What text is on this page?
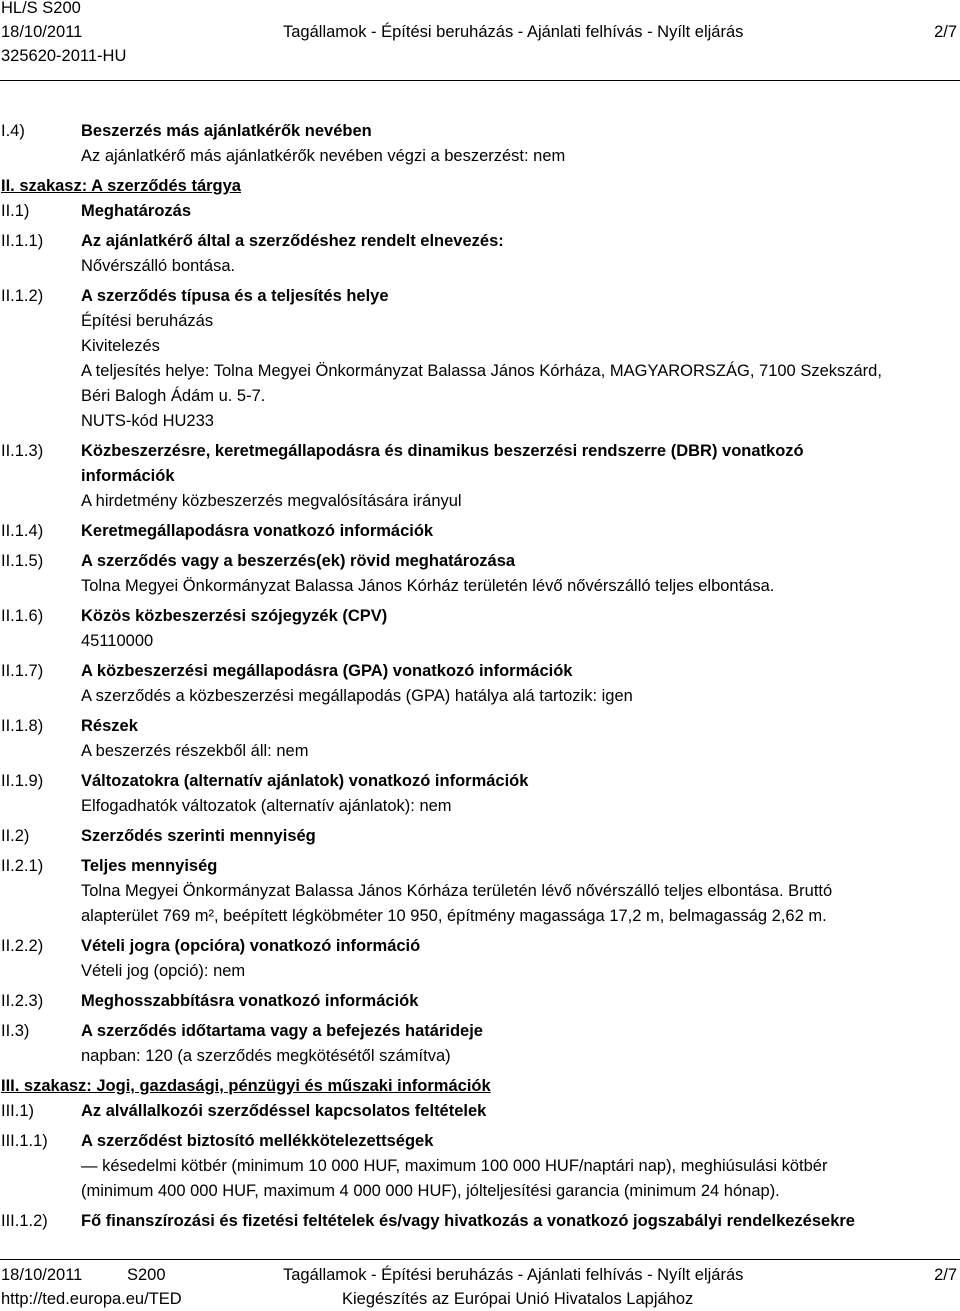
HL/S S200
18/10/2011	Tagállamok - Építési beruházás - Ajánlati felhívás - Nyílt eljárás	2/7
325620-2011-HU
I.4)	Beszerzés más ajánlatkérők nevében
Az ajánlatkérő más ajánlatkérők nevében végzi a beszerzést: nem
II. szakasz: A szerződés tárgya
II.1)	Meghatározás
II.1.1)	Az ajánlatkérő által a szerződéshez rendelt elnevezés:
Nővérszálló bontása.
II.1.2)	A szerződés típusa és a teljesítés helye
Építési beruházás
Kivitelezés
A teljesítés helye: Tolna Megyei Önkormányzat Balassa János Kórháza, MAGYARORSZÁG, 7100 Szekszárd,
Béri Balogh Ádám u. 5-7.
NUTS-kód HU233
II.1.3)	Közbeszerzésre, keretmegállapodásra és dinamikus beszerzési rendszerre (DBR) vonatkozó
információk
A hirdetmény közbeszerzés megvalósítására irányul
II.1.4)	Keretmegállapodásra vonatkozó információk
II.1.5)	A szerződés vagy a beszerzés(ek) rövid meghatározása
Tolna Megyei Önkormányzat Balassa János Kórház területén lévő nővérszálló teljes elbontása.
II.1.6)	Közös közbeszerzési szójegyzék (CPV)
45110000
II.1.7)	A közbeszerzési megállapodásra (GPA) vonatkozó információk
A szerződés a közbeszerzési megállapodás (GPA) hatálya alá tartozik: igen
II.1.8)	Részek
A beszerzés részekből áll: nem
II.1.9)	Változatokra (alternatív ajánlatok) vonatkozó információk
Elfogadhatók változatok (alternatív ajánlatok): nem
II.2)	Szerződés szerinti mennyiség
II.2.1)	Teljes mennyiség
Tolna Megyei Önkormányzat Balassa János Kórháza területén lévő nővérszálló teljes elbontása. Bruttó
alapterület 769 m², beépített légköbméter 10 950, építmény magassága 17,2 m, belmagasság 2,62 m.
II.2.2)	Vételi jogra (opcióra) vonatkozó információ
Vételi jog (opció): nem
II.2.3)	Meghosszabbításra vonatkozó információk
II.3)	A szerződés időtartama vagy a befejezés határideje
napban: 120 (a szerződés megkötésétől számítva)
III. szakasz: Jogi, gazdasági, pénzügyi és műszaki információk
III.1)	Az alvállalkozói szerződéssel kapcsolatos feltételek
III.1.1)	A szerződést biztosító mellékkötelezettségek
— késedelmi kötbér (minimum 10 000 HUF, maximum 100 000 HUF/naptári nap), meghiúsulási kötbér
(minimum 400 000 HUF, maximum 4 000 000 HUF), jólteljesítési garancia (minimum 24 hónap).
III.1.2)	Fő finanszírozási és fizetési feltételek és/vagy hivatkozás a vonatkozó jogszabályi rendelkezésekre
18/10/2011	S200	Tagállamok - Építési beruházás - Ajánlati felhívás - Nyílt eljárás	2/7
http://ted.europa.eu/TED	Kiegészítés az Európai Unió Hivatalos Lapjához
